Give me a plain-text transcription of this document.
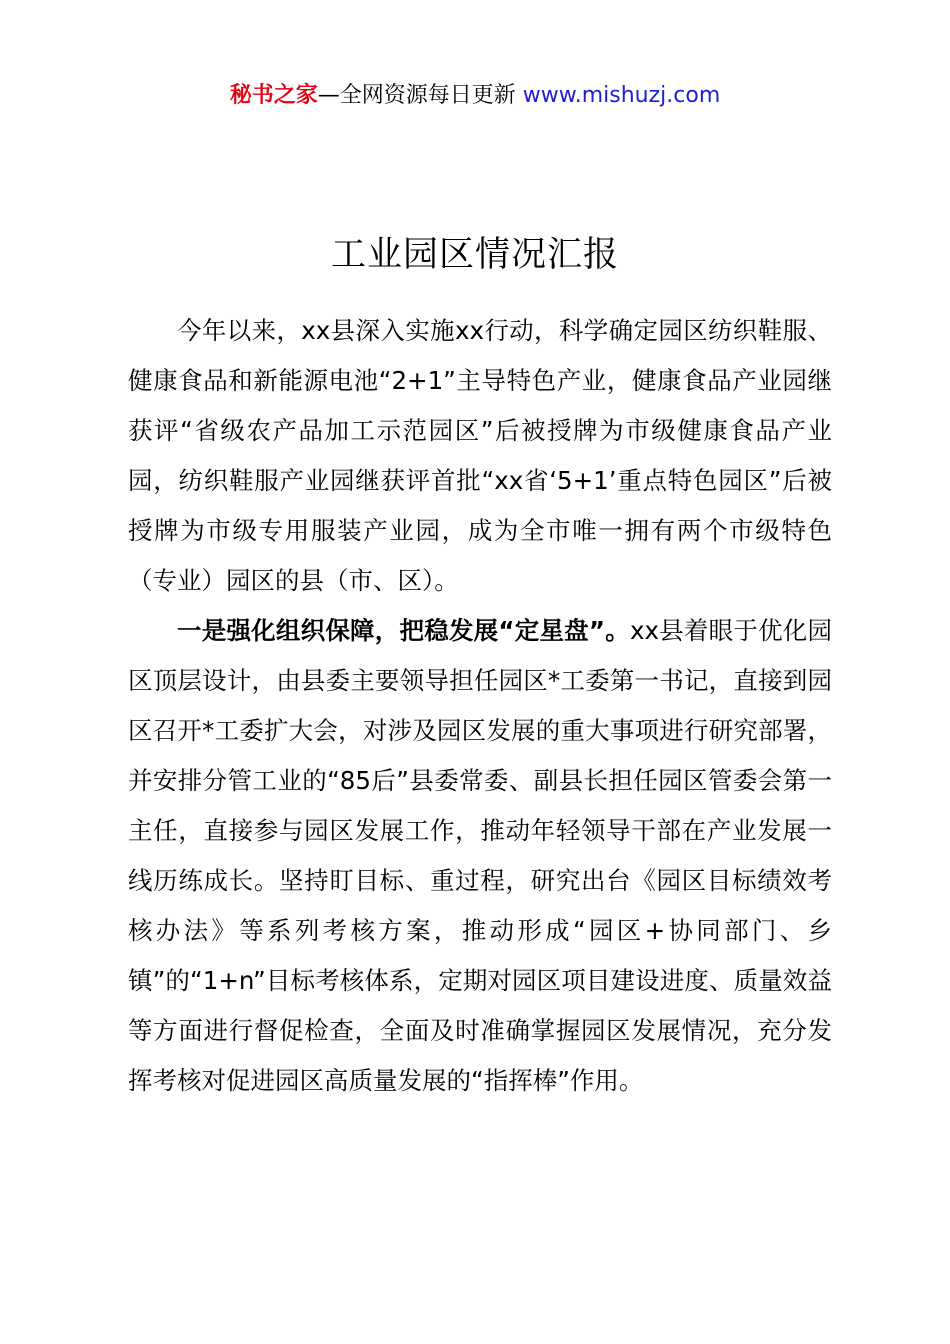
秘书之家—全网资源每日更新 www.mishuzj.com
工业园区情况汇报

今年以来，xx县深入实施xx行动，科学确定园区纺织鞋服、健康食品和新能源电池“2+1”主导特色产业，健康食品产业园继获评“省级农产品加工示范园区”后被授牌为市级健康食品产业园，纺织鞋服产业园继获评首批“xx省‘5+1’重点特色园区”后被授牌为市级专用服装产业园，成为全市唯一拥有两个市级特色（专业）园区的县（市、区）。

一是强化组织保障，把稳发展“定星盘”。xx县着眼于优化园区顶层设计，由县委主要领导担任园区*工委第一书记，直接到园区召开*工委扩大会，对涉及园区发展的重大事项进行研究部署，并安排分管工业的“85后”县委常委、副县长担任园区管委会第一主任，直接参与园区发展工作，推动年轻领导干部在产业发展一线历练成长。坚持盯目标、重过程，研究出台《园区目标绩效考核办法》等系列考核方案，推动形成“园区+协同部门、乡镇”的“1+n”目标考核体系，定期对园区项目建设进度、质量效益等方面进行督促检查，全面及时准确掌握园区发展情况，充分发挥考核对促进园区高质量发展的“指挥棒”作用。
